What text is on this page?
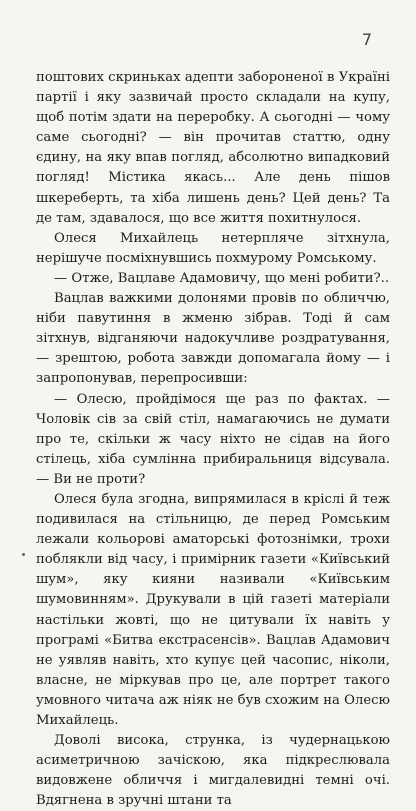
7

поштових скриньках адепти забороненої в Україні партії і яку зазвичай просто складали на купу, щоб потім здати на переробку. А сьогодні — чому саме сьогодні? — він прочитав статтю, одну єдину, на яку впав погляд, абсолютно випадковий погляд! Містика якась... Але день пішов шкереберть, та хіба лишень день? Цей день? Та де там, здавалося, що все життя похитнулося.

Олеся Михайлець нетерпляче зітхнула, нерішуче посміхнувшись похмурому Ромському.

— Отже, Вацлаве Адамовичу, що мені робити?..

Вацлав важкими долонями провів по обличчю, ніби павутиння в жменю зібрав. Тоді й сам зітхнув, відганяючи надокучливе роздратування, — зрештою, робота завжди допомагала йому — і запропонував, перепросивши:

— Олесю, пройдімося ще раз по фактах. — Чоловік сів за свій стіл, намагаючись не думати про те, скільки ж часу ніхто не сідав на його стілець, хіба сумлінна прибиральниця відсувала. — Ви не проти?

Олеся була згодна, випрямилася в кріслі й теж подивилася на стільницю, де перед Ромським лежали кольорові аматорські фотознімки, трохи поблякли від часу, і примірник газети «Київський шум», яку кияни називали «Київським шумовинням». Друкували в цій газеті матеріали настільки жовті, що не цитували їх навіть у програмі «Битва екстрасенсів». Вацлав Адамович не уявляв навіть, хто купує цей часопис, ніколи, власне, не міркував про це, але портрет такого умовного читача аж ніяк не був схожим на Олесю Михайлець.

Доволі висока, струнка, із чудернацькою асиметричною зачіскою, яка підкреслювала видовжене обличчя і мигдалевидні темні очі. Вдягнена в зручні штани та
